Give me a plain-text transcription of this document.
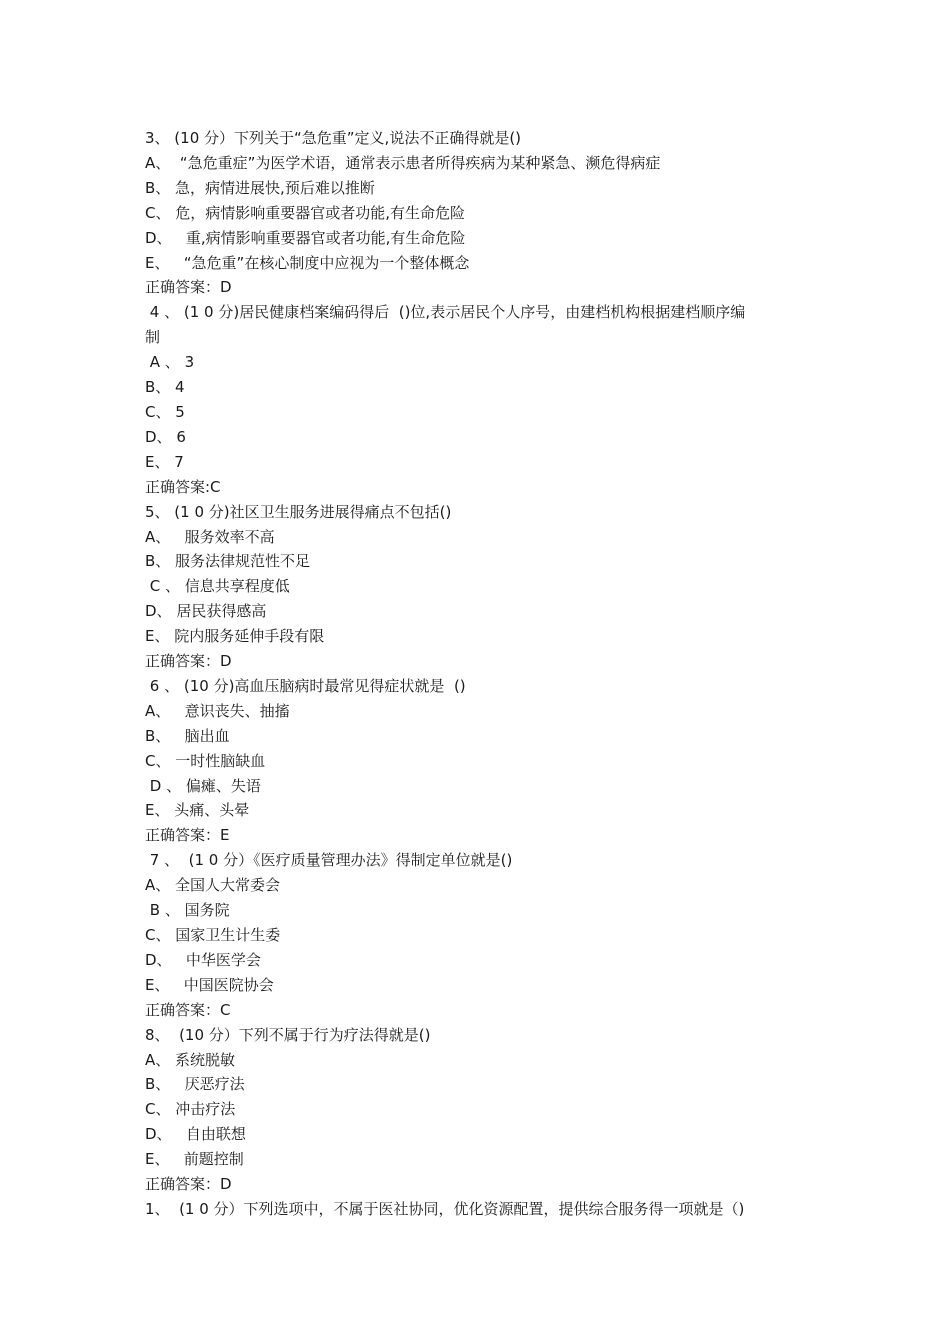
3、 (10 分）下列关于“急危重”定义,说法不正确得就是()

A、  “急危重症”为医学术语，通常表示患者所得疾病为某种紧急、濒危得病症

B、 急，病情进展快,预后难以推断

C、 危，病情影响重要器官或者功能,有生命危险

D、   重,病情影响重要器官或者功能,有生命危险

E、   “急危重”在核心制度中应视为一个整体概念

正确答案：D

4 、 (1 0 分)居民健康档案编码得后  ()位,表示居民个人序号，由建档机构根据建档顺序编

制

A 、 3

B、 4

C、 5

D、 6

E、 7

正确答案:C

5、 (1 0 分)社区卫生服务进展得痛点不包括()

A、   服务效率不高

B、 服务法律规范性不足

C 、 信息共享程度低

D、 居民获得感高

E、 院内服务延伸手段有限

正确答案：D

6 、 (10 分)高血压脑病时最常见得症状就是  ()

A、   意识丧失、抽搐

B、   脑出血

C、 一时性脑缺血

D 、 偏瘫、失语

E、 头痛、头晕

正确答案：E

7 、  (1 0 分）《医疗质量管理办法》得制定单位就是()

A、 全国人大常委会

B 、 国务院

C、 国家卫生计生委

D、   中华医学会

E、   中国医院协会

正确答案：C

8、  (10 分）下列不属于行为疗法得就是()

A、 系统脱敏

B、   厌恶疗法

C、 冲击疗法

D、   自由联想

E、   前题控制

正确答案：D

1、  (1 0 分）下列选项中，不属于医社协同，优化资源配置，提供综合服务得一项就是（)
